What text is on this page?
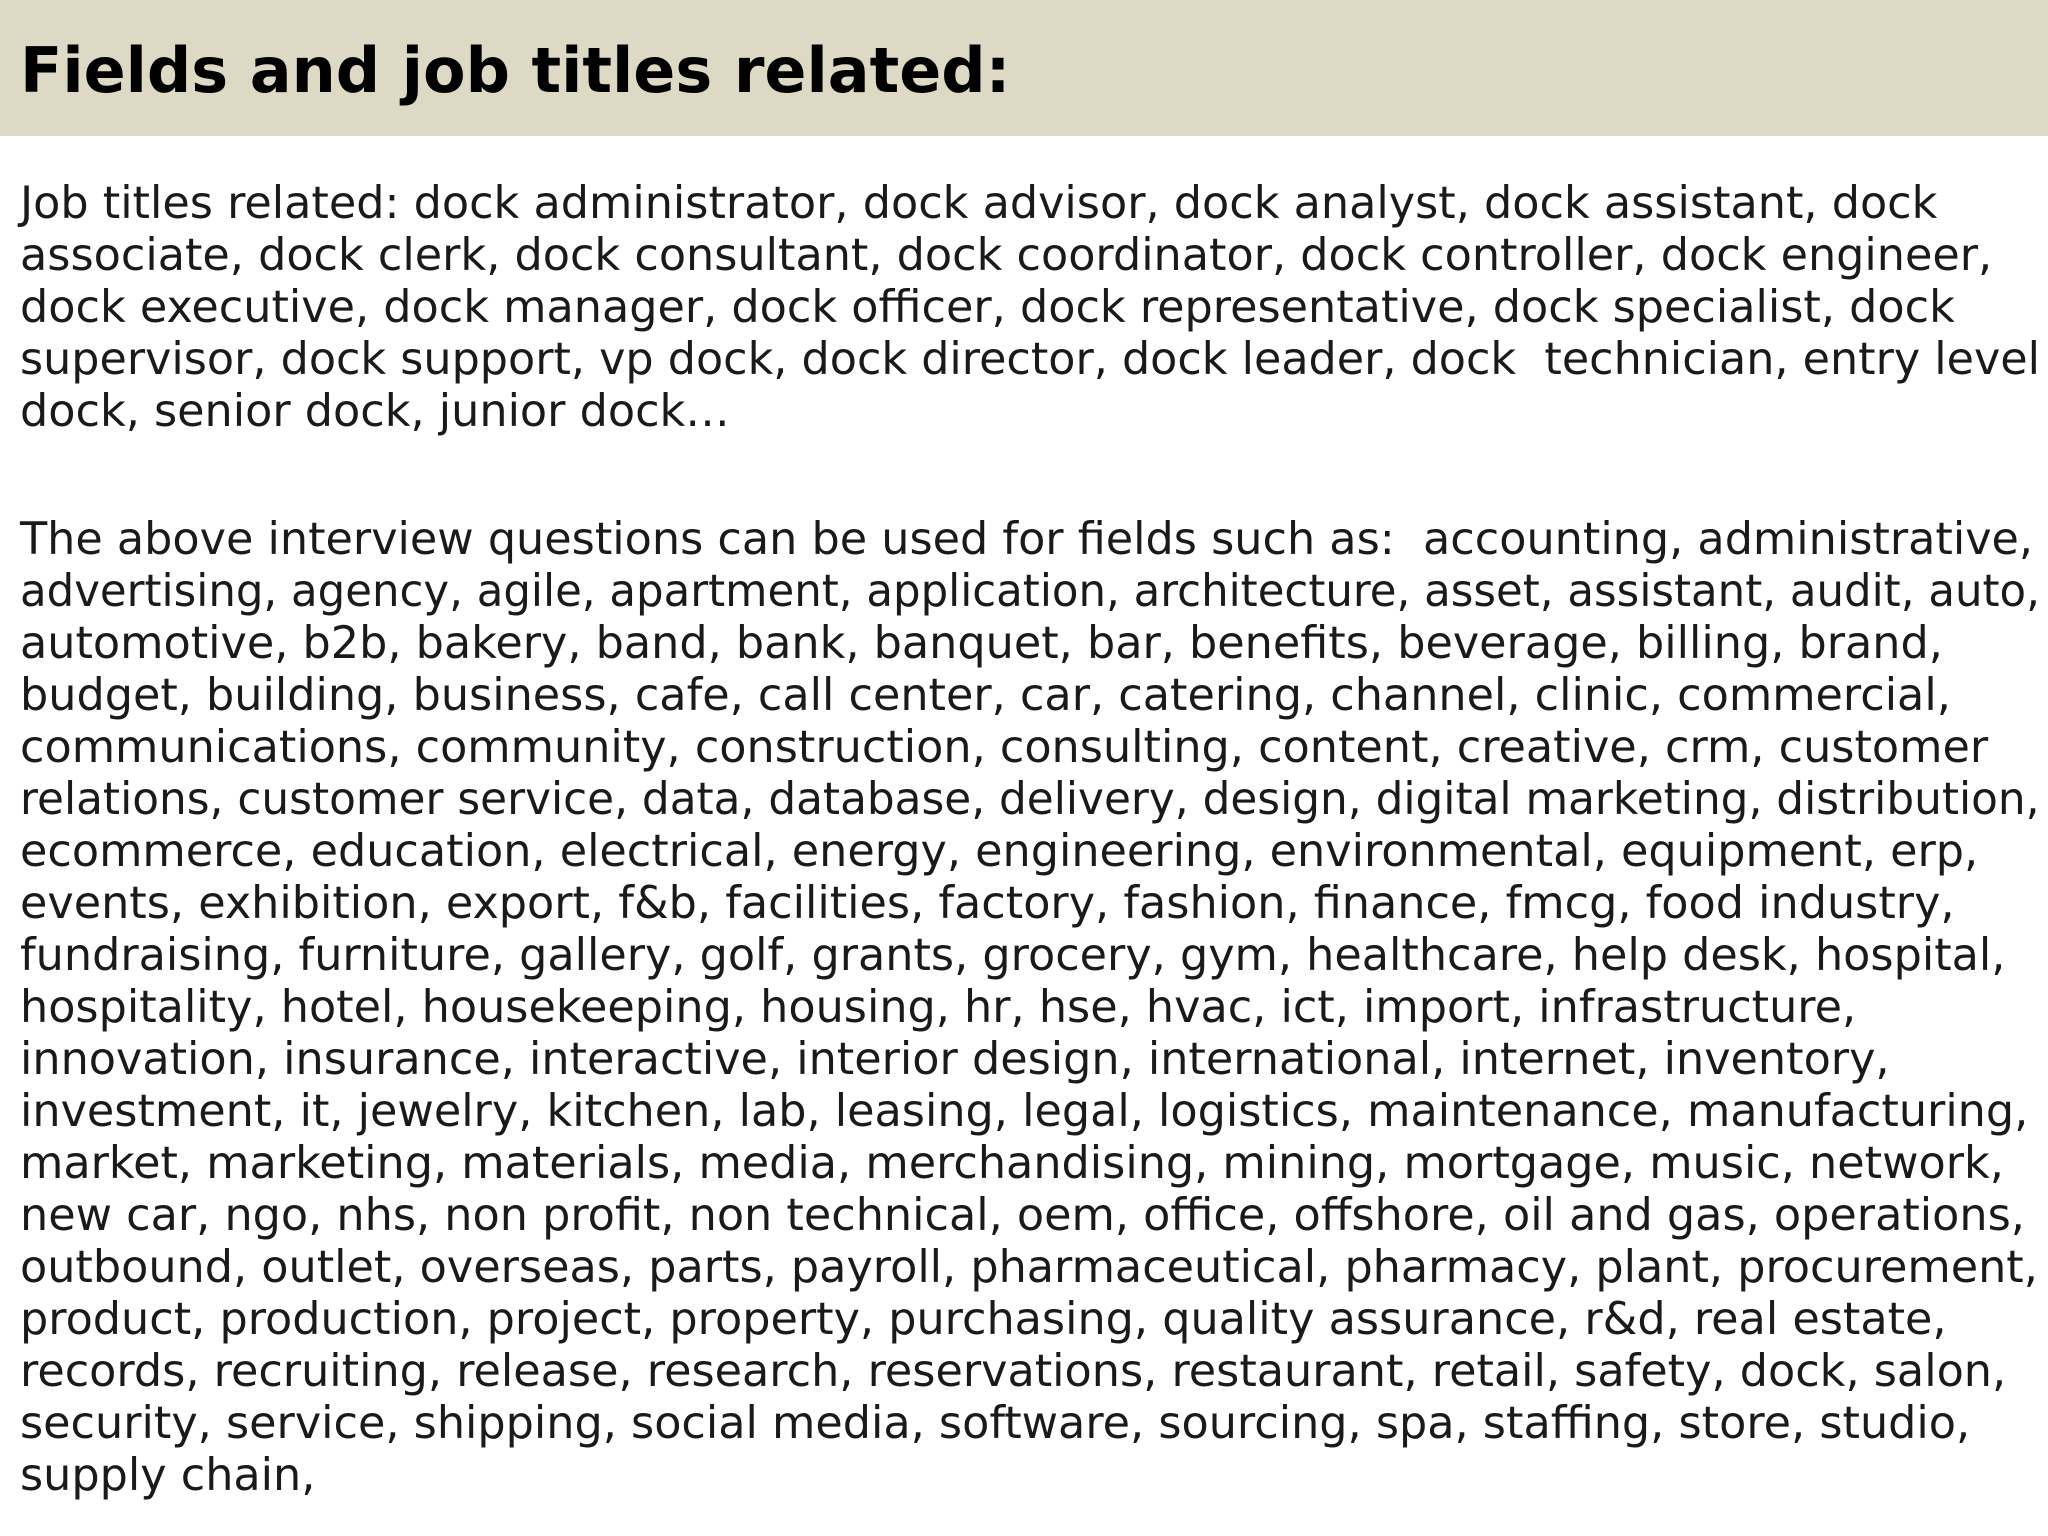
Fields and job titles related:

Job titles related: dock administrator, dock advisor, dock analyst, dock assistant, dock
associate, dock clerk, dock consultant, dock coordinator, dock controller, dock engineer,
dock executive, dock manager, dock officer, dock representative, dock specialist, dock
supervisor, dock support, vp dock, dock director, dock leader, dock  technician, entry level
dock, senior dock, junior dock…

The above interview questions can be used for fields such as:  accounting, administrative,
advertising, agency, agile, apartment, application, architecture, asset, assistant, audit, auto,
automotive, b2b, bakery, band, bank, banquet, bar, benefits, beverage, billing, brand,
budget, building, business, cafe, call center, car, catering, channel, clinic, commercial,
communications, community, construction, consulting, content, creative, crm, customer
relations, customer service, data, database, delivery, design, digital marketing, distribution,
ecommerce, education, electrical, energy, engineering, environmental, equipment, erp,
events, exhibition, export, f&b, facilities, factory, fashion, finance, fmcg, food industry,
fundraising, furniture, gallery, golf, grants, grocery, gym, healthcare, help desk, hospital,
hospitality, hotel, housekeeping, housing, hr, hse, hvac, ict, import, infrastructure,
innovation, insurance, interactive, interior design, international, internet, inventory,
investment, it, jewelry, kitchen, lab, leasing, legal, logistics, maintenance, manufacturing,
market, marketing, materials, media, merchandising, mining, mortgage, music, network,
new car, ngo, nhs, non profit, non technical, oem, office, offshore, oil and gas, operations,
outbound, outlet, overseas, parts, payroll, pharmaceutical, pharmacy, plant, procurement,
product, production, project, property, purchasing, quality assurance, r&d, real estate,
records, recruiting, release, research, reservations, restaurant, retail, safety, dock, salon,
security, service, shipping, social media, software, sourcing, spa, staffing, store, studio,
supply chain,
